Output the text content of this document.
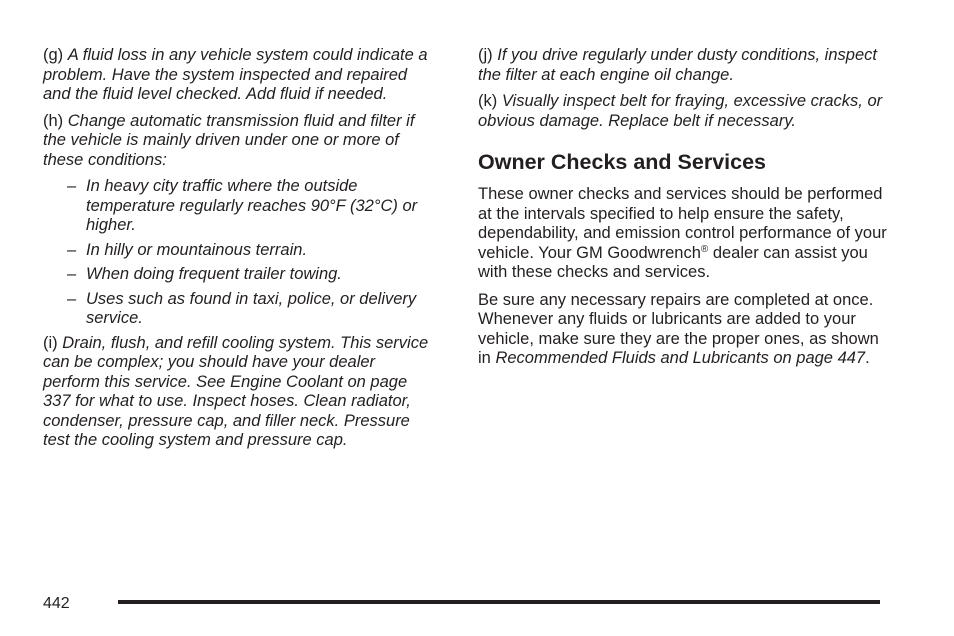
(g) A fluid loss in any vehicle system could indicate a problem. Have the system inspected and repaired and the fluid level checked. Add fluid if needed.

(h) Change automatic transmission fluid and filter if the vehicle is mainly driven under one or more of these conditions:

– In heavy city traffic where the outside temperature regularly reaches 90°F (32°C) or higher.

– In hilly or mountainous terrain.

– When doing frequent trailer towing.

– Uses such as found in taxi, police, or delivery service.

(i) Drain, flush, and refill cooling system. This service can be complex; you should have your dealer perform this service. See Engine Coolant on page 337 for what to use. Inspect hoses. Clean radiator, condenser, pressure cap, and filler neck. Pressure test the cooling system and pressure cap.

(j) If you drive regularly under dusty conditions, inspect the filter at each engine oil change.

(k) Visually inspect belt for fraying, excessive cracks, or obvious damage. Replace belt if necessary.

Owner Checks and Services

These owner checks and services should be performed at the intervals specified to help ensure the safety, dependability, and emission control performance of your vehicle. Your GM Goodwrench® dealer can assist you with these checks and services.

Be sure any necessary repairs are completed at once. Whenever any fluids or lubricants are added to your vehicle, make sure they are the proper ones, as shown in Recommended Fluids and Lubricants on page 447.

442
